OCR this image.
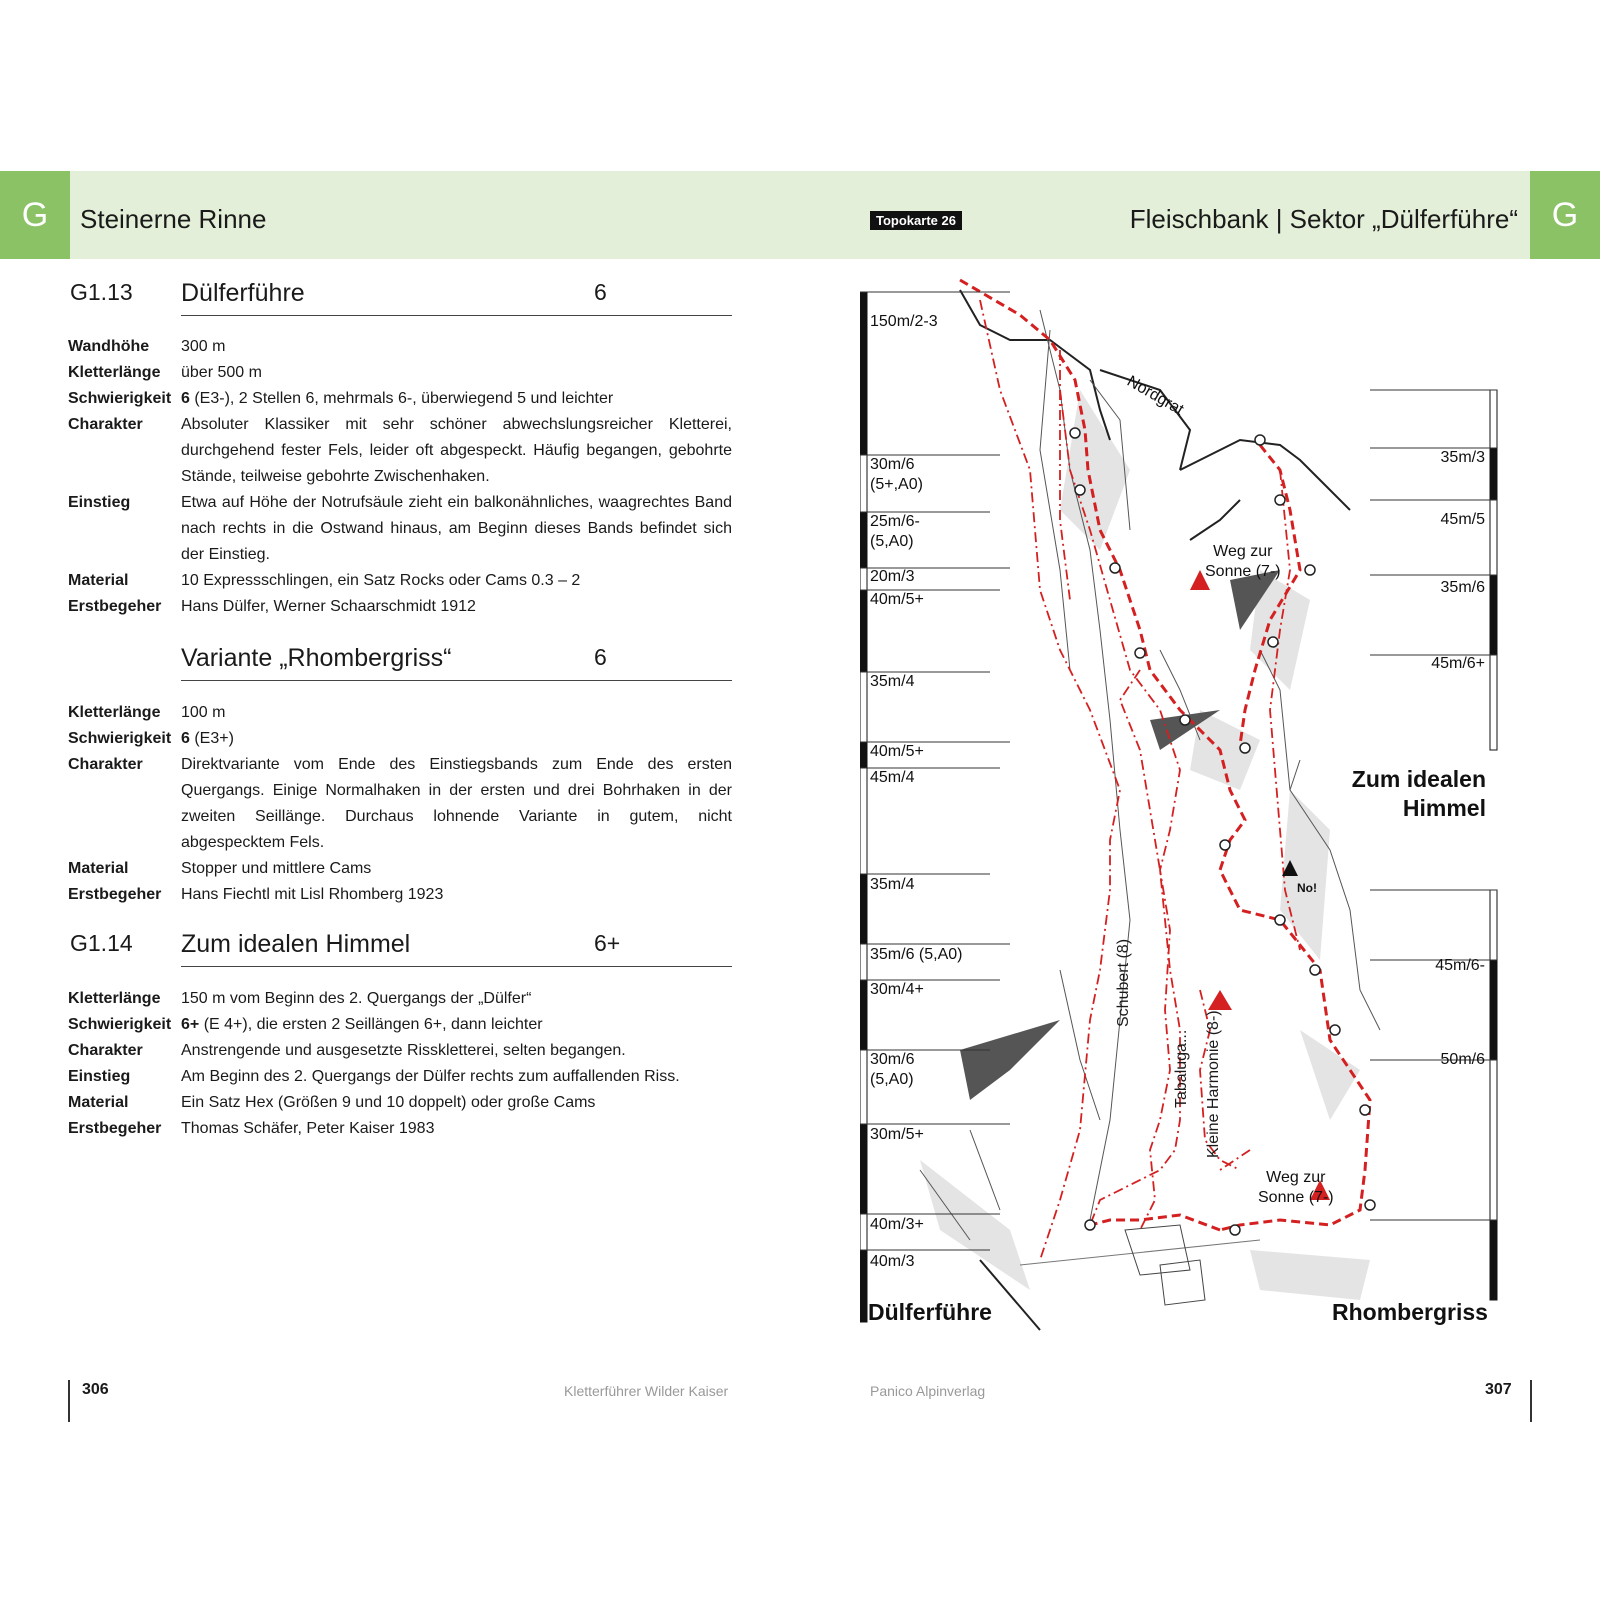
G	G
Steinerne Rinne	Topokarte 26	Fleischbank | Sektor „Dülferführe“
G1.13 Dülferführe	6
Wandhöhe	300 m
Kletterlänge	über 500 m
Schwierigkeit 6 (E3-), 2 Stellen 6, mehrmals 6-, überwiegend 5 und leichter
Charakter	Absoluter Klassiker mit sehr schöner abwechslungsreicher Kletterei, durchgehend fester Fels, leider oft abgespeckt. Häufig begangen, gebohrte Stände, teilweise gebohrte Zwischenhaken.
Einstieg	Etwa auf Höhe der Notrufsäule zieht ein balkonähnliches, waagrechtes Band nach rechts in die Ostwand hinaus, am Beginn dieses Bands befindet sich der Einstieg.
Material	10 Expressschlingen, ein Satz Rocks oder Cams 0.3 – 2
Erstbegeher	Hans Dülfer, Werner Schaarschmidt 1912
Variante „Rhombergriss“	6
Kletterlänge	100 m
Schwierigkeit 6 (E3+)
Charakter	Direktvariante vom Ende des Einstiegsbands zum Ende des ersten Quergangs. Einige Normalhaken in der ersten und drei Bohrhaken in der zweiten Seillänge. Durchaus lohnende Variante in gutem, nicht abgespecktem Fels.
Material	Stopper und mittlere Cams
Erstbegeher	Hans Fiechtl mit Lisl Rhomberg 1923
G1.14 Zum idealen Himmel	6+
Kletterlänge	150 m vom Beginn des 2. Quergangs der „Dülfer“
Schwierigkeit 6+ (E 4+), die ersten 2 Seillängen 6+, dann leichter
Charakter	Anstrengende und ausgesetzte Risskletterei, selten begangen.
Einstieg	Am Beginn des 2. Quergangs der Dülfer rechts zum auffallenden Riss.
Material	Ein Satz Hex (Größen 9 und 10 doppelt) oder große Cams
Erstbegeher	Thomas Schäfer, Peter Kaiser 1983
Dülferführe	Rhombergriss
Zum idealen
Himmel
Nordgrat
Weg zur
Sonne (7-)
Weg zur
Sonne (7-)
No!
Schubert (8)
Tabaluga... Kleine Harmonie (8-)
150m/2-3
30m/6
(5+,A0)
25m/6-
(5,A0)
20m/3
40m/5+
35m/4
40m/5+
45m/4
35m/4
35m/6 (5,A0)
30m/4+
30m/6
(5,A0)
30m/5+
40m/3+
40m/3
35m/3
45m/5
35m/6
45m/6+
45m/6-
50m/6
306	Kletterführer Wilder Kaiser	Panico Alpinverlag	307
